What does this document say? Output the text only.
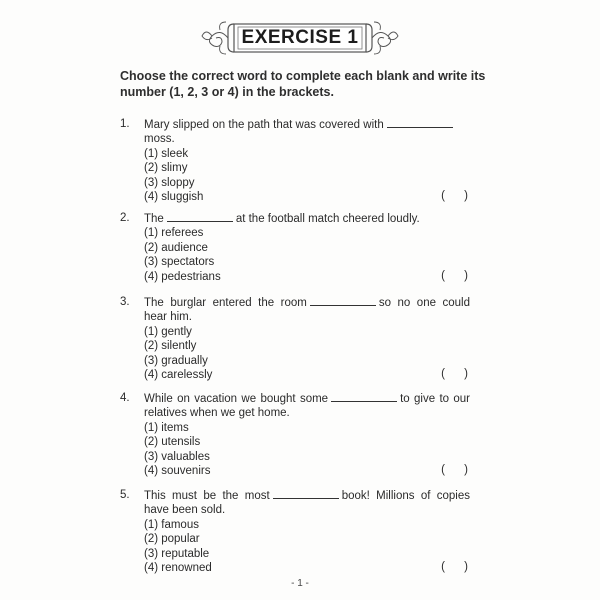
EXERCISE 1
Choose the correct word to complete each blank and write its number (1, 2, 3 or 4) in the brackets.
1.	Mary slipped on the path that was covered with
moss.
(1) sleek
(2) slimy
(3) sloppy
(4) sluggish	(      )
2.	The	at the football match cheered loudly.
(1) referees
(2) audience
(3) spectators
(4) pedestrians	(      )
3.	The burglar entered the room	so no one could hear him.
(1) gently
(2) silently
(3) gradually
(4) carelessly	(      )
4.	While on vacation we bought some	to give to our relatives when we get home.
(1) items
(2) utensils
(3) valuables
(4) souvenirs	(      )
5.	This must be the most	book! Millions of copies have been sold.
(1) famous
(2) popular
(3) reputable
(4) renowned	(      )
- 1 -
